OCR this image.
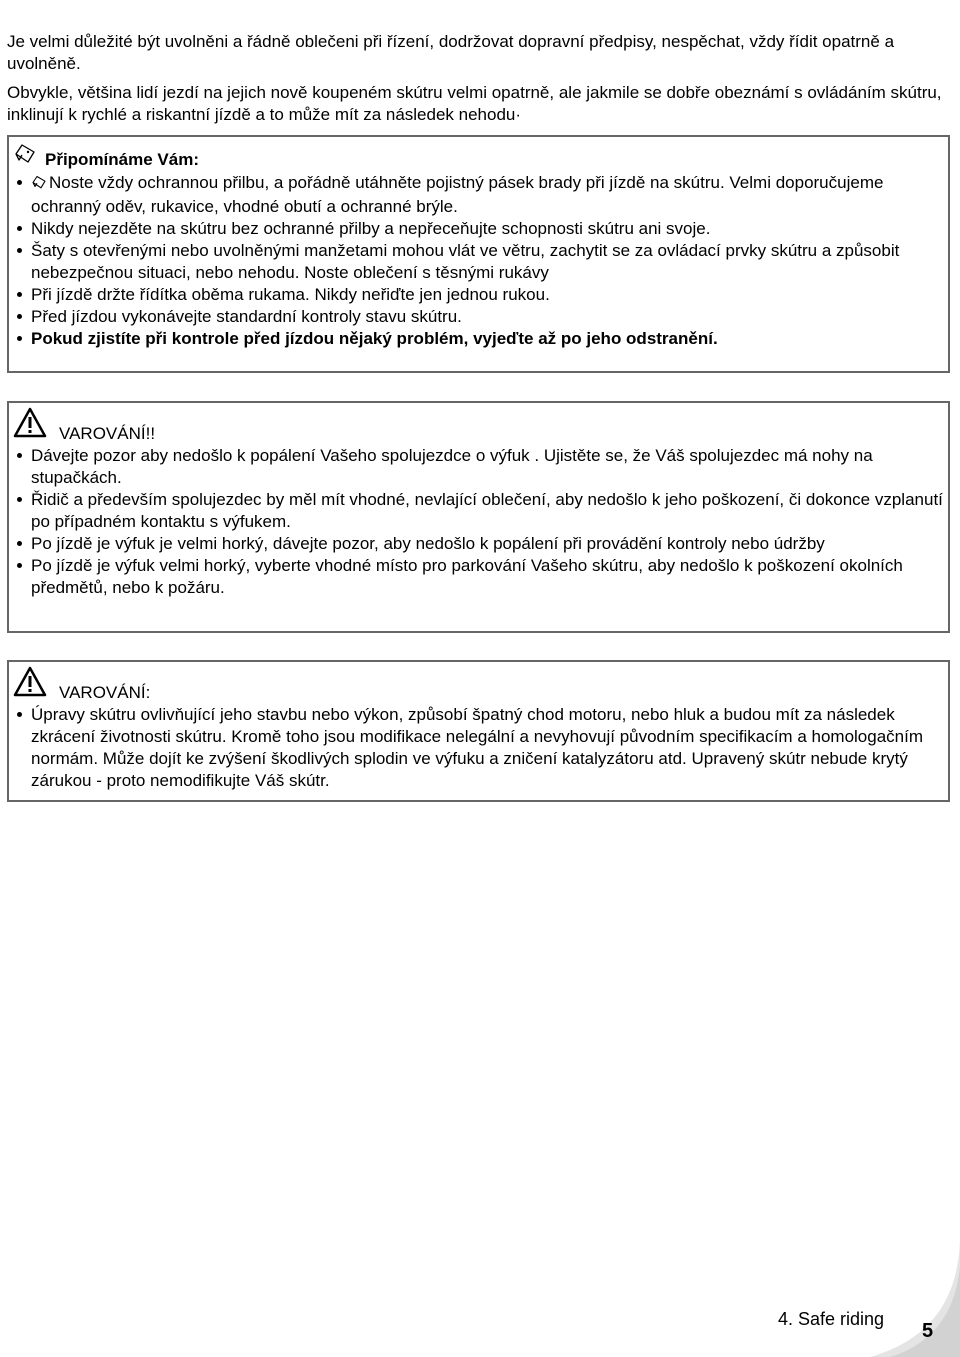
Je velmi důležité být uvolněni a řádně oblečeni při řízení, dodržovat dopravní předpisy, nespěchat, vždy řídit opatrně a uvolněně.

Obvykle, většina lidí jezdí na jejich nově koupeném skútru velmi opatrně, ale jakmile se dobře obeznámí s ovládáním skútru, inklinují k rychlé a riskantní jízdě a to může mít za následek nehodu·

Připomínáme Vám:
Noste vždy ochrannou přilbu, a pořádně utáhněte pojistný pásek brady při jízdě na skútru. Velmi doporučujeme ochranný oděv, rukavice, vhodné obutí a ochranné brýle.
Nikdy nejezděte na skútru bez ochranné přilby a nepřeceňujte schopnosti skútru ani svoje.
Šaty s otevřenými nebo uvolněnými manžetami mohou vlát ve větru, zachytit se za ovládací prvky skútru a způsobit nebezpečnou situaci, nebo nehodu. Noste oblečení s těsnými rukávy
Při jízdě držte řídítka oběma rukama. Nikdy neřiďte jen jednou rukou.
Před jízdou vykonávejte standardní kontroly stavu skútru.
Pokud zjistíte při kontrole před jízdou nějaký problém, vyjeďte až po jeho odstranění.
VAROVÁNÍ!!
Dávejte pozor aby nedošlo k popálení Vašeho spolujezdce o výfuk . Ujistěte se, že Váš spolujezdec má nohy na stupačkách.
Řidič a především spolujezdec by měl mít vhodné, nevlající oblečení, aby nedošlo k jeho poškození, či dokonce vzplanutí po případném kontaktu s výfukem.
Po jízdě je výfuk je velmi horký, dávejte pozor, aby nedošlo k popálení při provádění kontroly nebo údržby
Po jízdě je výfuk velmi horký, vyberte vhodné místo pro parkování Vašeho skútru, aby nedošlo k poškození okolních předmětů, nebo k požáru.
VAROVÁNÍ:
Úpravy skútru ovlivňující jeho stavbu nebo výkon, způsobí špatný chod motoru, nebo hluk a budou mít za následek zkrácení životnosti skútru. Kromě toho jsou modifikace nelegální a nevyhovují původním specifikacím a homologačním normám. Může dojít ke zvýšení škodlivých splodin ve výfuku a zničení katalyzátoru atd. Upravený skútr nebude krytý zárukou - proto nemodifikujte Váš skútr.
4. Safe riding
5
